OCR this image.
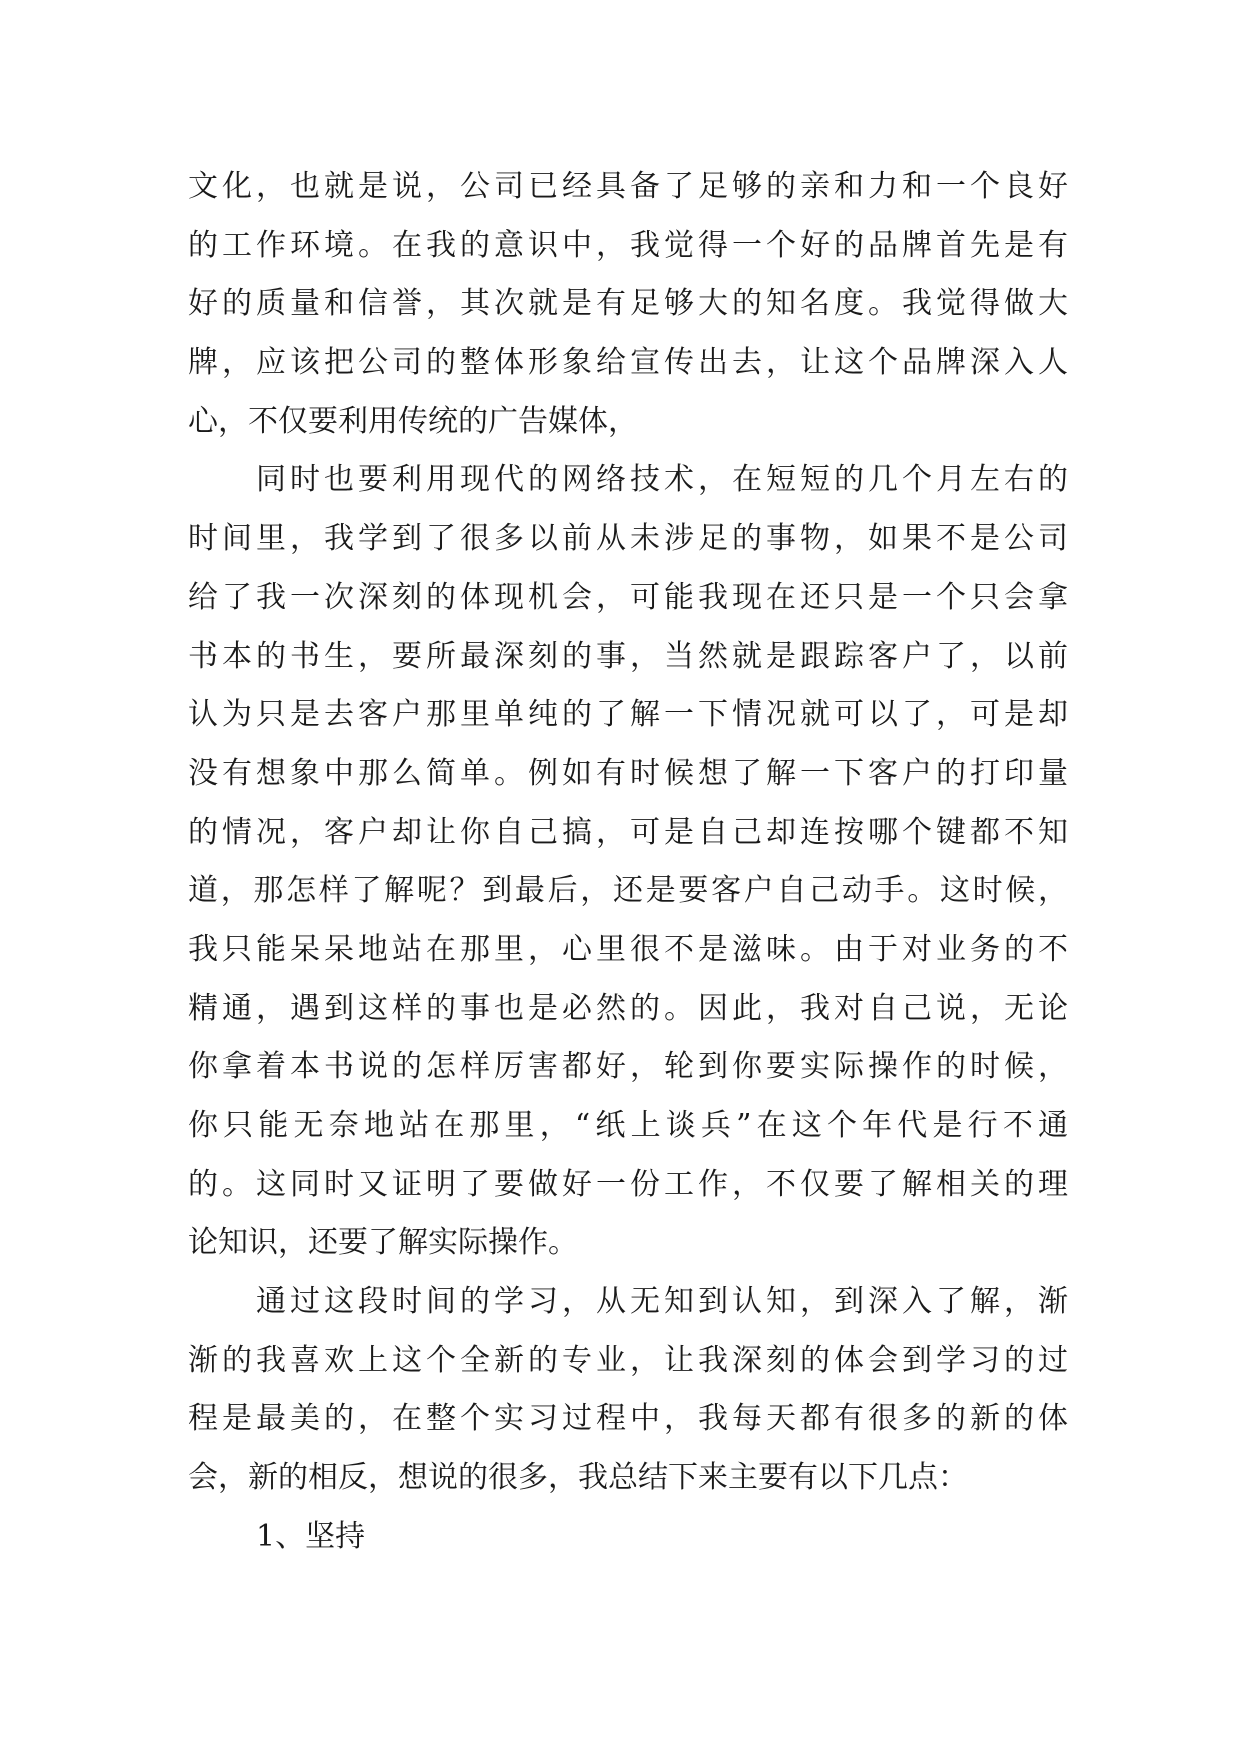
文化，也就是说，公司已经具备了足够的亲和力和一个良好
的工作环境。在我的意识中，我觉得一个好的品牌首先是有
好的质量和信誉，其次就是有足够大的知名度。我觉得做大
牌，应该把公司的整体形象给宣传出去，让这个品牌深入人
心，不仅要利用传统的广告媒体，
同时也要利用现代的网络技术，在短短的几个月左右的
时间里，我学到了很多以前从未涉足的事物，如果不是公司
给了我一次深刻的体现机会，可能我现在还只是一个只会拿
书本的书生，要所最深刻的事，当然就是跟踪客户了，以前
认为只是去客户那里单纯的了解一下情况就可以了，可是却
没有想象中那么简单。例如有时候想了解一下客户的打印量
的情况，客户却让你自己搞，可是自己却连按哪个键都不知
道，那怎样了解呢？到最后，还是要客户自己动手。这时候，
我只能呆呆地站在那里，心里很不是滋味。由于对业务的不
精通，遇到这样的事也是必然的。因此，我对自己说，无论
你拿着本书说的怎样厉害都好，轮到你要实际操作的时候，
你只能无奈地站在那里，“纸上谈兵”在这个年代是行不通
的。这同时又证明了要做好一份工作，不仅要了解相关的理
论知识，还要了解实际操作。
通过这段时间的学习，从无知到认知，到深入了解，渐
渐的我喜欢上这个全新的专业，让我深刻的体会到学习的过
程是最美的，在整个实习过程中，我每天都有很多的新的体
会，新的相反，想说的很多，我总结下来主要有以下几点：
1、坚持
